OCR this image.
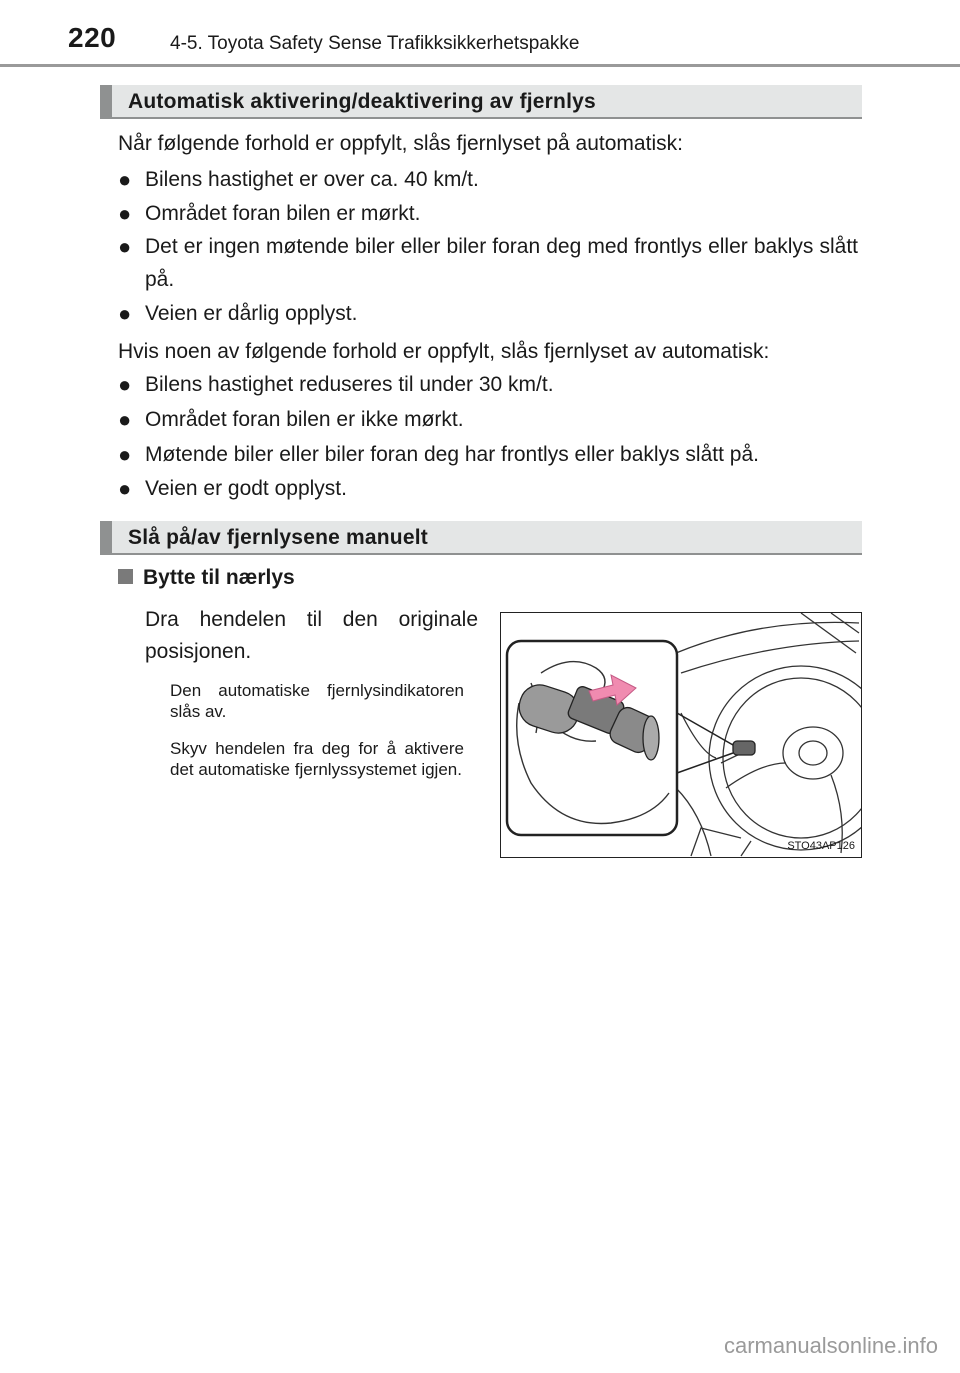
220	4-5. Toyota Safety Sense Trafikksikkerhetspakke
Automatisk aktivering/deaktivering av fjernlys
Når følgende forhold er oppfylt, slås fjernlyset på automatisk:
● Bilens hastighet er over ca. 40 km/t.
● Området foran bilen er mørkt.
● Det er ingen møtende biler eller biler foran deg med frontlys eller baklys slått på.
● Veien er dårlig opplyst.
Hvis noen av følgende forhold er oppfylt, slås fjernlyset av automatisk:
● Bilens hastighet reduseres til under 30 km/t.
● Området foran bilen er ikke mørkt.
● Møtende biler eller biler foran deg har frontlys eller baklys slått på.
● Veien er godt opplyst.
Slå på/av fjernlysene manuelt
Bytte til nærlys
Dra hendelen til den originale posisjonen.
Den automatiske fjernlysindikatoren slås av.
Skyv hendelen fra deg for å aktivere det automatiske fjernlyssystemet igjen.
STO43AP126
carmanualsonline.info
